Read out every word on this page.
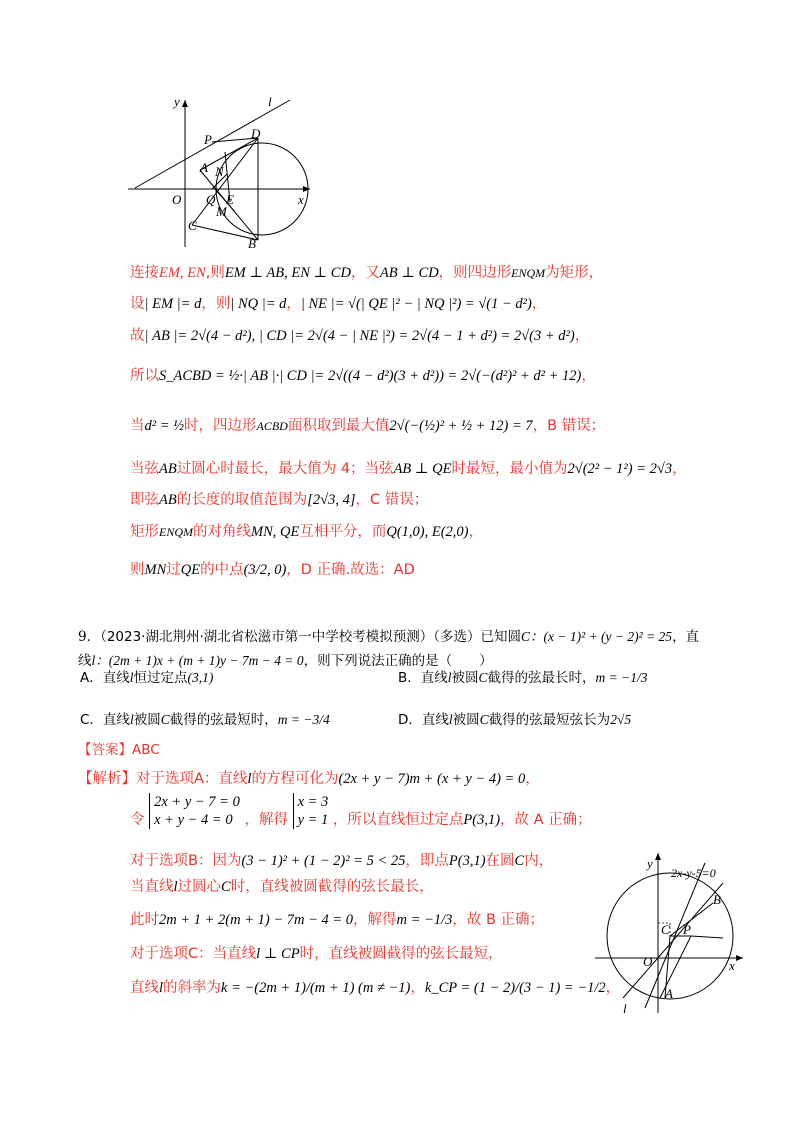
y	l
P	D
A N
O Q E	x
M
C
B
连接EM, EN,则EM ⊥ AB, EN ⊥ CD，又AB ⊥ CD，则四边形ENQM为矩形，
设| EM |= d，则| NQ |= d，| NE |= √(| QE |² − | NQ |²) = √(1 − d²)，
故| AB |= 2√(4 − d²), | CD |= 2√(4 − | NE |²) = 2√(4 − 1 + d²) = 2√(3 + d²)，
所以S_ACBD = ½·| AB |·| CD |= 2√((4 − d²)(3 + d²)) = 2√(−(d²)² + d² + 12)，
当d² = ½时，四边形ACBD面积取到最大值2√(−(½)² + ½ + 12) = 7，B 错误；
当弦AB过圆心时最长，最大值为 4；当弦AB ⊥ QE时最短，最小值为2√(2² − 1²) = 2√3，
即弦AB的长度的取值范围为[2√3, 4]，C 错误；
矩形ENQM的对角线MN, QE互相平分，而Q(1,0), E(2,0)，
则MN过QE的中点(3/2, 0)，D 正确.故选：AD
9．（2023·湖北荆州·湖北省松滋市第一中学校考模拟预测）（多选）已知圆C：(x − 1)² + (y − 2)² = 25，直
线l：(2m + 1)x + (m + 1)y − 7m − 4 = 0，则下列说法正确的是（　　）
A．直线l恒过定点(3,1)	B．直线l被圆C截得的弦最长时，m = −1/3
C．直线l被圆C截得的弦最短时，m = −3/4	D．直线l被圆C截得的弦最短弦长为2√5
【答案】ABC
【解析】对于选项A：直线l的方程可化为(2x + y − 7)m + (x + y − 4) = 0，
令
2x + y − 7 = 0
x + y − 4 = 0 ，解得
x = 3
y = 1 ，所以直线恒过定点P(3,1)，故 A 正确；
对于选项B：因为(3 − 1)² + (1 − 2)² = 5 < 25，即点P(3,1)在圆C内，
当直线l过圆心C时，直线被圆截得的弦长最长，
此时2m + 1 + 2(m + 1) − 7m − 4 = 0，解得m = −1/3，故 B 正确；
对于选项C：当直线l ⊥ CP时，直线被圆截得的弦长最短，
直线l的斜率为k = −(2m + 1)/(m + 1) (m ≠ −1)，k_CP = (1 − 2)/(3 − 1) = −1/2，
y
2x-y-5=0
B
C P
O	x
l
A
